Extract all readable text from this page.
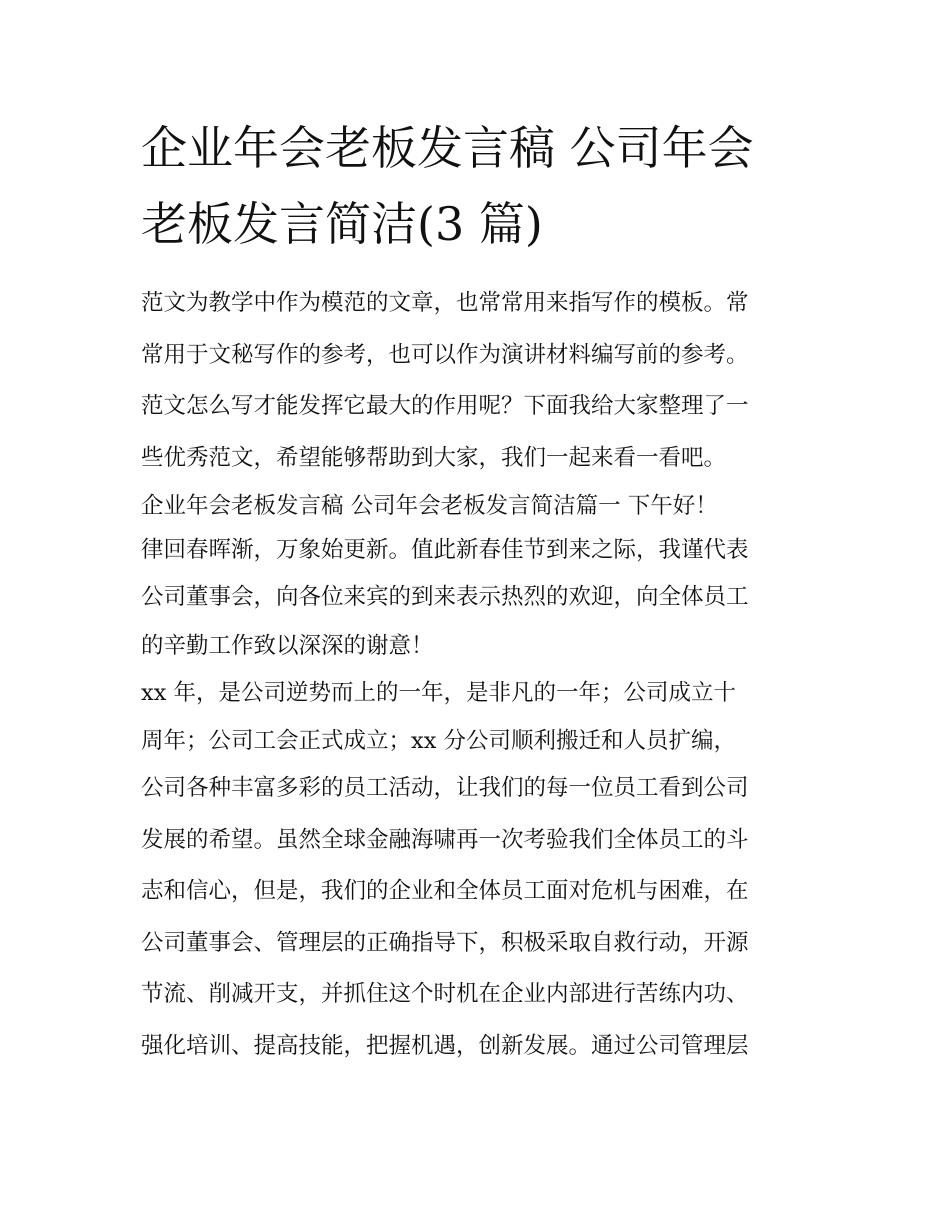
企业年会老板发言稿 公司年会
老板发言简洁(3 篇)
范文为教学中作为模范的文章，也常常用来指写作的模板。常
常用于文秘写作的参考，也可以作为演讲材料编写前的参考。
范文怎么写才能发挥它最大的作用呢？下面我给大家整理了一
些优秀范文，希望能够帮助到大家，我们一起来看一看吧。
企业年会老板发言稿 公司年会老板发言简洁篇一 下午好！
律回春晖渐，万象始更新。值此新春佳节到来之际，我谨代表
公司董事会，向各位来宾的到来表示热烈的欢迎，向全体员工
的辛勤工作致以深深的谢意！
xx 年，是公司逆势而上的一年，是非凡的一年；公司成立十
周年；公司工会正式成立；xx 分公司顺利搬迁和人员扩编，
公司各种丰富多彩的员工活动，让我们的每一位员工看到公司
发展的希望。虽然全球金融海啸再一次考验我们全体员工的斗
志和信心，但是，我们的企业和全体员工面对危机与困难，在
公司董事会、管理层的正确指导下，积极采取自救行动，开源
节流、削减开支，并抓住这个时机在企业内部进行苦练内功、
强化培训、提高技能，把握机遇，创新发展。通过公司管理层
